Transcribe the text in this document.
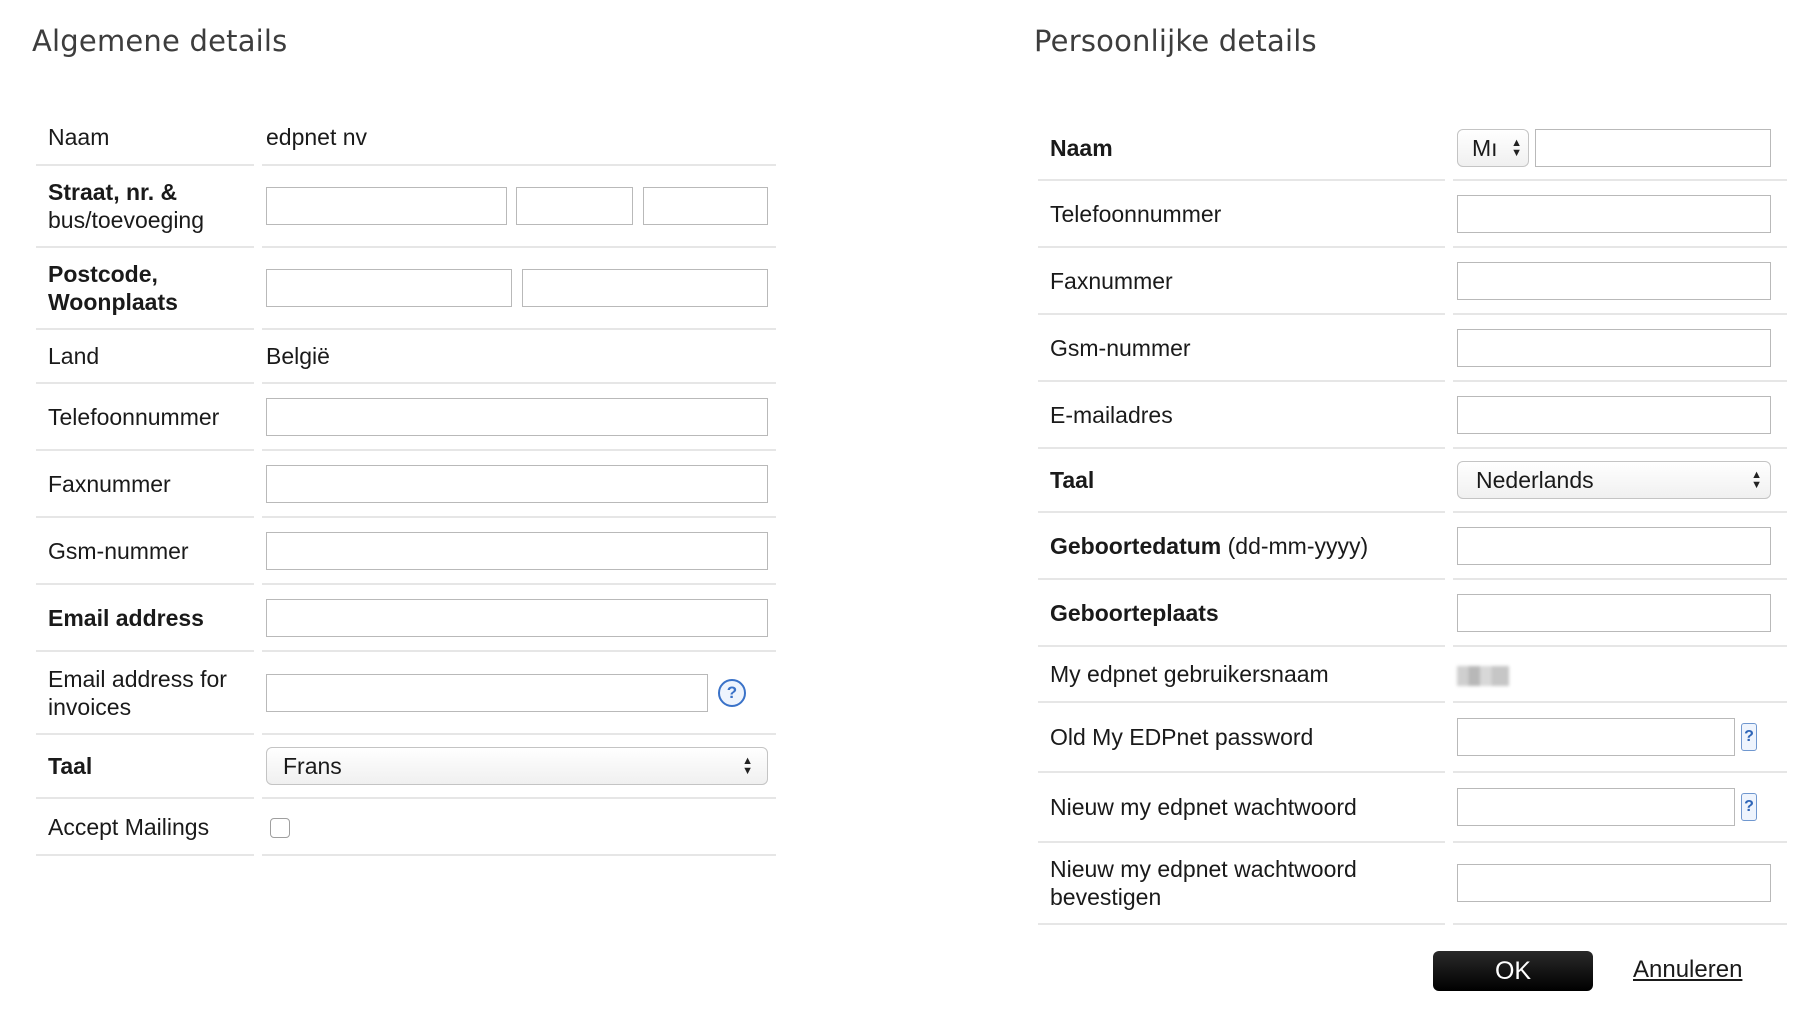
Algemene details
Naam	edpnet nv
Straat, nr. &
bus/toevoeging	
Postcode,
Woonplaats	
Land	België
Telefoonnummer	
Faxnummer	
Gsm-nummer	
Email address	
Email address for invoices	?
Taal	Frans ▲
▼

Accept Mailings	
Persoonlijke details
Naam	Mı ▲
▼

Telefoonnummer	
Faxnummer	
Gsm-nummer	
E-mailadres	
Taal	Nederlands ▲
▼

Geboortedatum (dd-mm-yyyy)	
Geboorteplaats	
My edpnet gebruikersnaam	
Old My EDPnet password	?
Nieuw my edpnet wachtwoord	?
Nieuw my edpnet wachtwoord bevestigen	
OK	Annuleren
